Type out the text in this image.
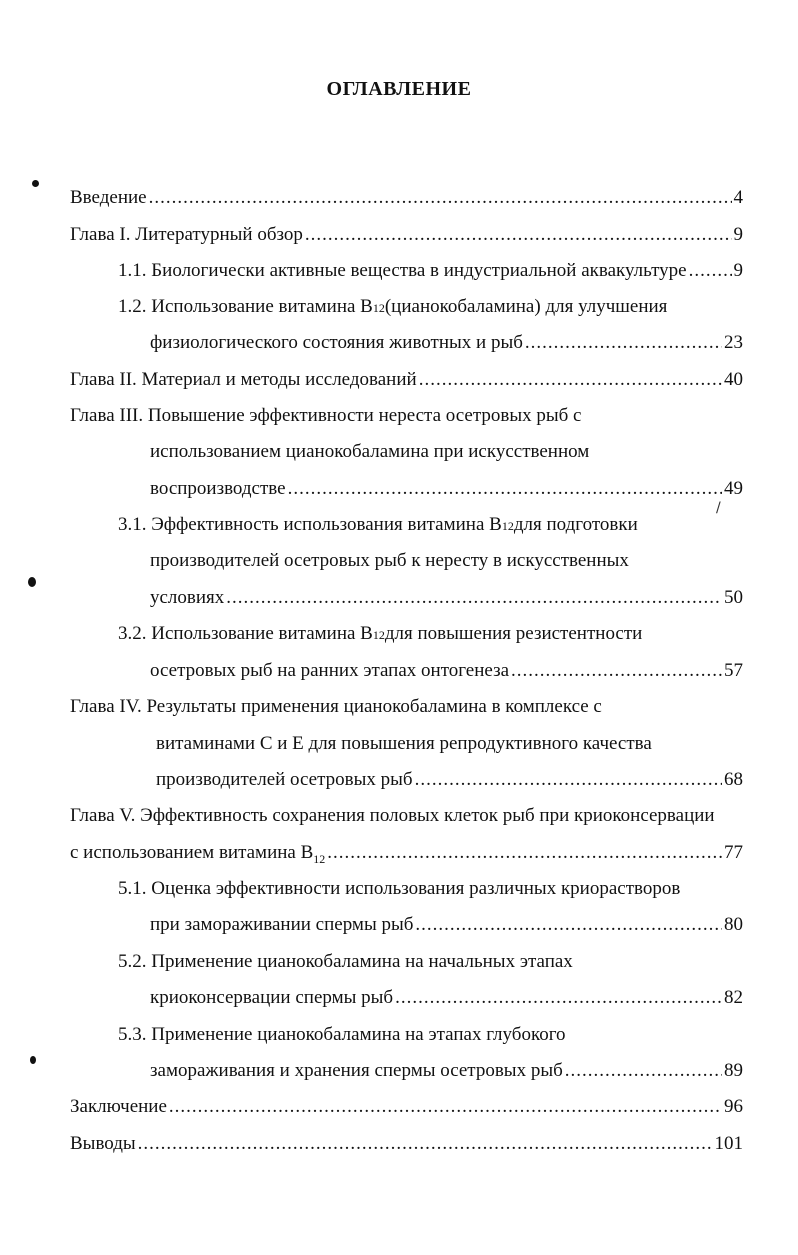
ОГЛАВЛЕНИЕ
/
Введение .....	4
Глава I. Литературный обзор .....	9
1.1. Биологически активные вещества в индустриальной аквакультуре ..... 9
1.2. Использование витамина В 12 (цианокобаламина) для улучшения
физиологического состояния животных и рыб .....	23
Глава II. Материал и методы исследований .....	40
Глава III. Повышение эффективности нереста осетровых рыб с
использованием цианокобаламина при искусственном
воспроизводстве .....	49
3.1. Эффективность использования витамина В 12 для подготовки
производителей осетровых рыб к нересту в искусственных
условиях .....	50
3.2. Использование витамина В 12 для повышения резистентности
осетровых рыб на ранних этапах онтогенеза .....	57
Глава IV. Результаты применения цианокобаламина в комплексе с
витаминами С и Е для повышения репродуктивного качества
производителей осетровых рыб .....	68
Глава V. Эффективность сохранения половых клеток рыб при криоконсервации
с использованием витамина $В_{12}$ .....	77
5.1. Оценка эффективности использования различных криорастворов
при замораживании спермы рыб .....	80
5.2. Применение цианокобаламина на начальных этапах
криоконсервации спермы рыб .....	82
5.3. Применение цианокобаламина на этапах глубокого
замораживания и хранения спермы осетровых рыб .....	89
Заключение .....	96
Выводы .....	101
